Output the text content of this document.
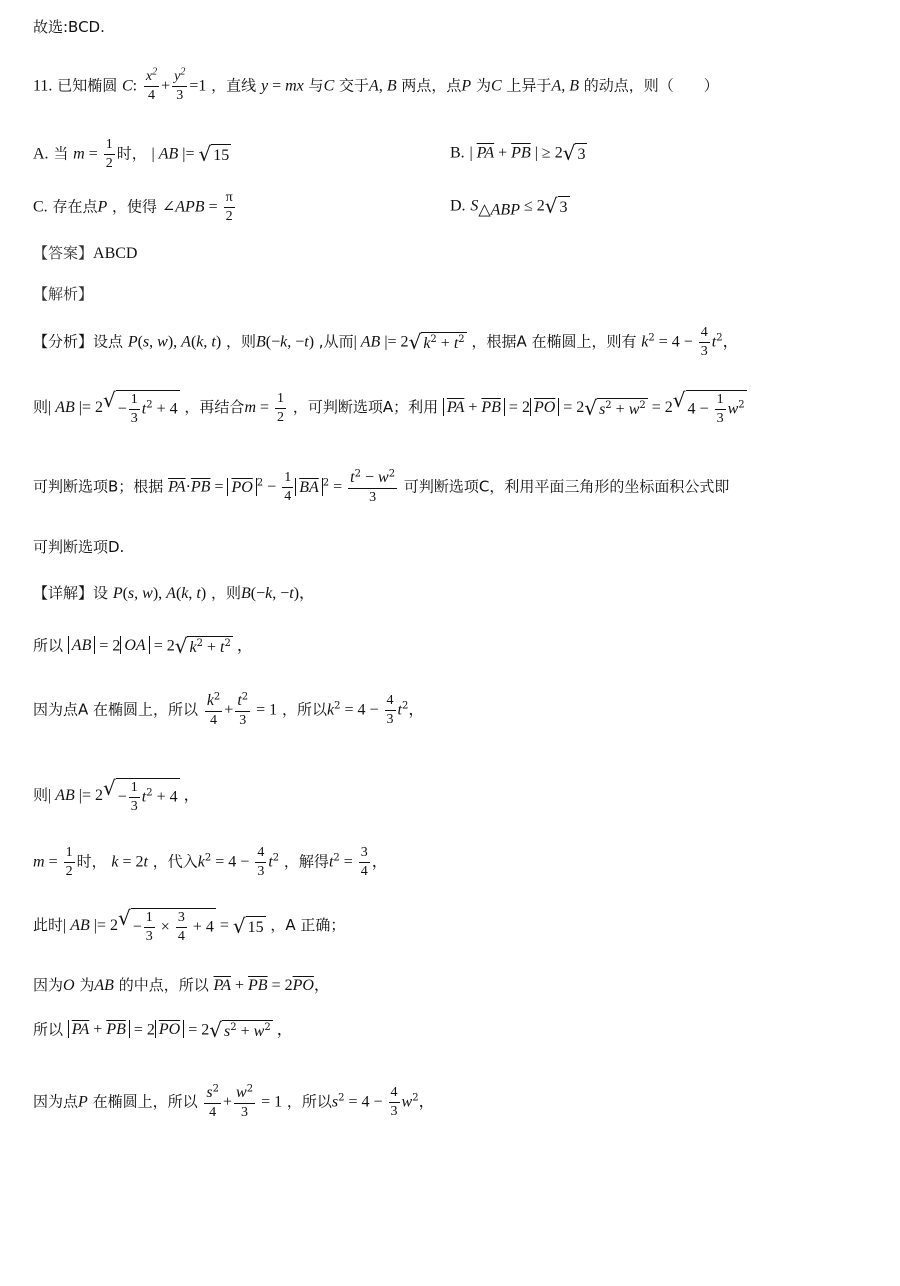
故选:BCD.
11. 已知椭圆 C: $\frac{x^2}{4} + \frac{y^2}{3} =1$ ，直线 y = mx 与C 交于A, B 两点，点P 为C 上异于A, B 的动点，则（　　）
A. 当 $m = \frac{1}{2}$ 时， | AB |= √ 15	B. | $\overline{PA} + \overline{PB}$ | ≥ 2 √ 3
C. 存在点P ，使得 ∠APB = $\frac{\pi}{2}$	D. $S_{\triangle ABP} \le 2$ √ 3
【答案】ABCD
【解析】
【分析】设点 P(s, w), A(k, t) ，则B(−k, −t) ,从而| AB |= 2 √ $k^2 + t^2$ ，根据A 在椭圆上，则有 $k^2 = 4 - \frac{4}{3} t^2$，
则| AB |= 2 √ − $\frac{1}{3} t^2 + 4$ ，再结合$m = \frac{1}{2}$ ，可判断选项A；利用 $\overline{PA} + \overline{PB} = 2$ $\overline{PO} = 2$ √ $s^2 + w^2 = 2$ √ $4 - \frac{1}{3} w^2$
可判断选项B；根据 $\overline{PA}\cdot\overline{PB} = \overline{PO}$ $^2 - \frac{1}{4} \overline{BA}$ $^2 = \frac{t^2 - w^2}{3}$ 可判断选项C，利用平面三角形的坐标面积公式即
可判断选项D.
【详解】设 P(s, w), A(k, t) ，则B(−k, −t)，
所以 AB = 2 OA = 2 √ $k^2 + t^2$ ，
因为点A 在椭圆上，所以 $\frac{k^2}{4} + \frac{t^2}{3} = 1$ ，所以$k^2 = 4 - \frac{4}{3} t^2$，
则| AB |= 2 √ − $\frac{1}{3} t^2 + 4$ ，
$m = \frac{1}{2}$ 时， k = 2t ，代入$k^2 = 4 - \frac{4}{3} t^2$ ，解得$t^2 = \frac{3}{4}$ ，
此时| AB |= 2 √ − $\frac{1}{3} \times \frac{3}{4} + 4$ = √ 15 ，A 正确；
因为O 为AB 的中点，所以 $\overline{PA} + \overline{PB} = 2\overline{PO}$，
所以 $\overline{PA} + \overline{PB} = 2$ $\overline{PO} = 2$ √ $s^2 + w^2$ ，
因为点P 在椭圆上，所以 $\frac{s^2}{4} + \frac{w^2}{3} = 1$ ，所以$s^2 = 4 - \frac{4}{3} w^2$，
